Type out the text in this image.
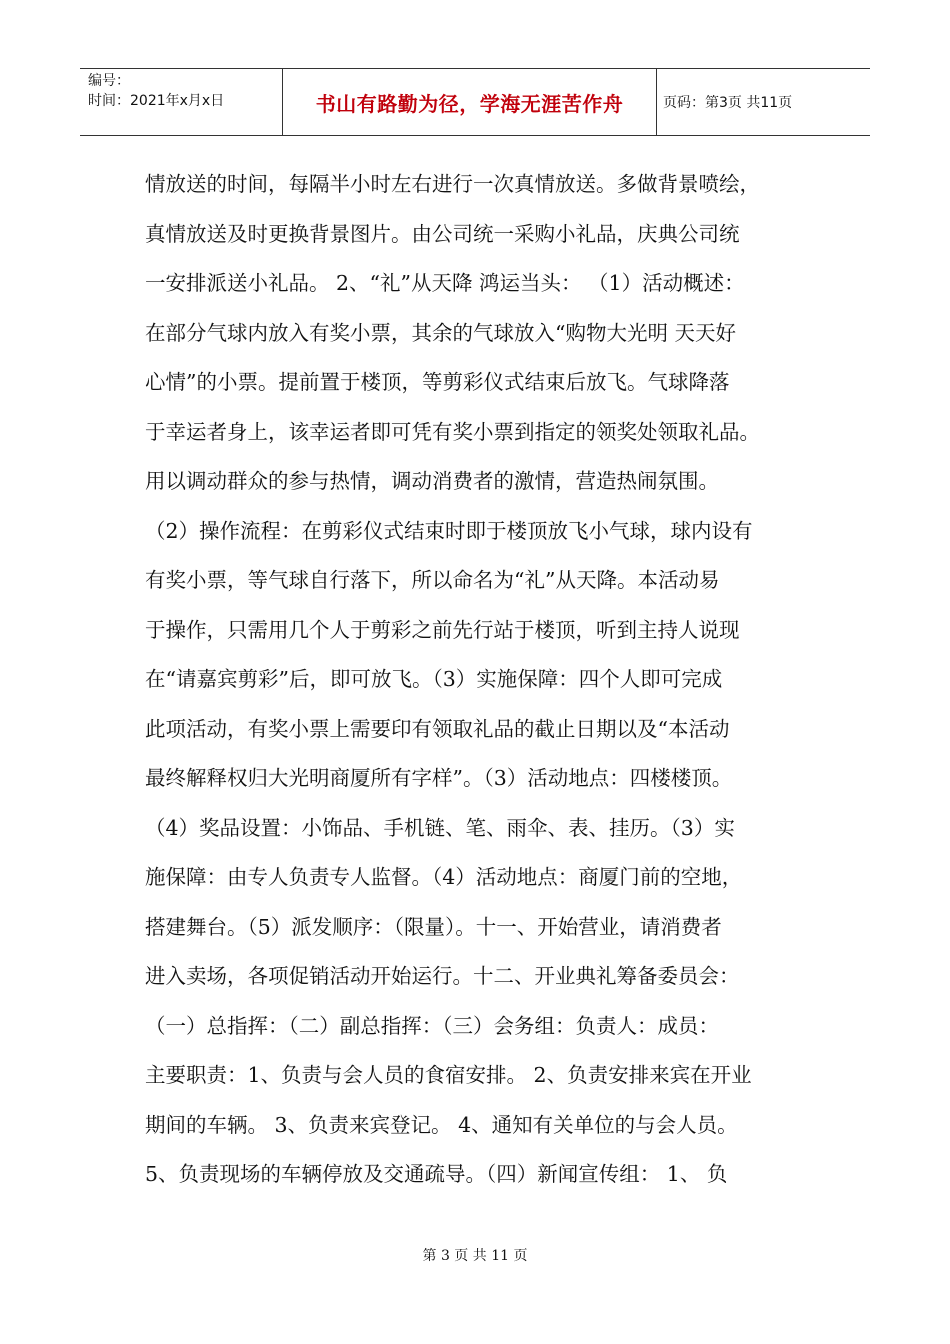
编号：
时间：2021年x月x日	书山有路勤为径，学海无涯苦作舟	页码：第3页 共11页
情放送的时间，每隔半小时左右进行一次真情放送。多做背景喷绘，
真情放送及时更换背景图片。由公司统一采购小礼品，庆典公司统
一安排派送小礼品。 2、“礼”从天降 鸿运当头： （1）活动概述：
在部分气球内放入有奖小票，其余的气球放入“购物大光明 天天好
心情”的小票。提前置于楼顶，等剪彩仪式结束后放飞。气球降落
于幸运者身上，该幸运者即可凭有奖小票到指定的领奖处领取礼品。
用以调动群众的参与热情，调动消费者的激情，营造热闹氛围。
（2）操作流程：在剪彩仪式结束时即于楼顶放飞小气球，球内设有
有奖小票，等气球自行落下，所以命名为“礼”从天降。本活动易
于操作，只需用几个人于剪彩之前先行站于楼顶，听到主持人说现
在“请嘉宾剪彩”后，即可放飞。（3）实施保障：四个人即可完成
此项活动，有奖小票上需要印有领取礼品的截止日期以及“本活动
最终解释权归大光明商厦所有字样”。（3）活动地点：四楼楼顶。
（4）奖品设置：小饰品、手机链、笔、雨伞、表、挂历。（3）实
施保障：由专人负责专人监督。（4）活动地点：商厦门前的空地，
搭建舞台。（5）派发顺序：（限量）。十一、开始营业，请消费者
进入卖场，各项促销活动开始运行。十二、开业典礼筹备委员会：
（一）总指挥：（二）副总指挥：（三）会务组：负责人：成员：
主要职责：1、负责与会人员的食宿安排。 2、负责安排来宾在开业
期间的车辆。 3、负责来宾登记。 4、通知有关单位的与会人员。
5、负责现场的车辆停放及交通疏导。（四）新闻宣传组： 1、 负
第 3 页 共 11 页
